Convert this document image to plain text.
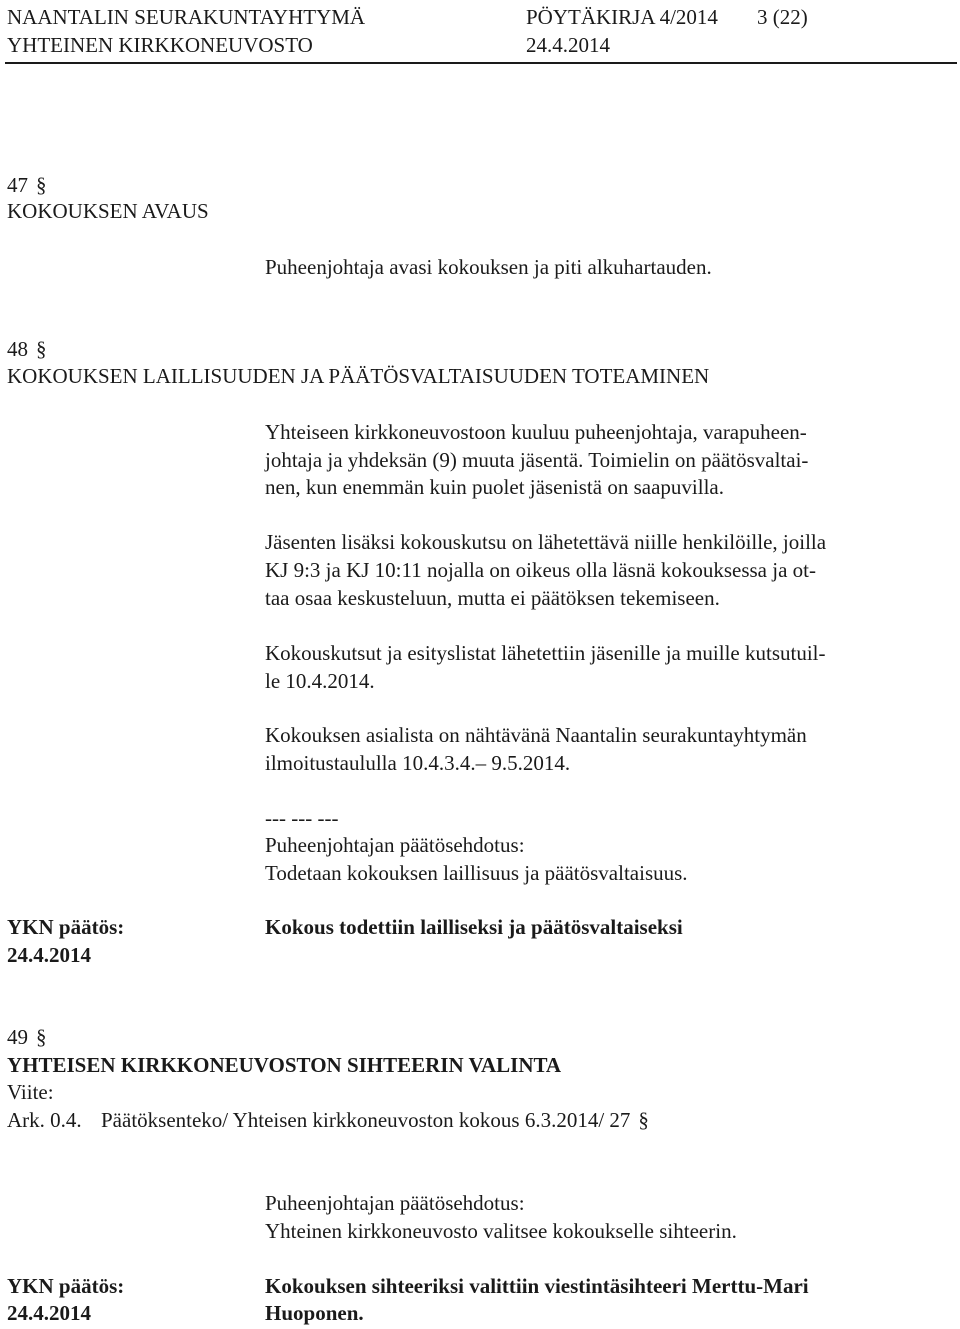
NAANTALIN SEURAKUNTAYHTYMÄ	PÖYTÄKIRJA 4/2014 3 (22)
YHTEINEN KIRKKONEUVOSTO	24.4.2014
47 §
KOKOUKSEN AVAUS
Puheenjohtaja avasi kokouksen ja piti alkuhartauden.
48 §
KOKOUKSEN LAILLISUUDEN JA PÄÄTÖSVALTAISUUDEN TOTEAMINEN
Yhteiseen kirkkoneuvostoon kuuluu puheenjohtaja, varapuheen-
johtaja ja yhdeksän (9) muuta jäsentä. Toimielin on päätösvaltai-
nen, kun enemmän kuin puolet jäsenistä on saapuvilla.
Jäsenten lisäksi kokouskutsu on lähetettävä niille henkilöille, joilla
KJ 9:3 ja KJ 10:11 nojalla on oikeus olla läsnä kokouksessa ja ot-
taa osaa keskusteluun, mutta ei päätöksen tekemiseen.
Kokouskutsut ja esityslistat lähetettiin jäsenille ja muille kutsutuil-
le 10.4.2014.
Kokouksen asialista on nähtävänä Naantalin seurakuntayhtymän
ilmoitustaululla 10.4.3.4.– 9.5.2014.
--- --- ---
Puheenjohtajan päätösehdotus:
Todetaan kokouksen laillisuus ja päätösvaltaisuus.
YKN päätös:
24.4.2014
Kokous todettiin lailliseksi ja päätösvaltaiseksi
49 §
YHTEISEN KIRKKONEUVOSTON SIHTEERIN VALINTA
Viite:
Ark. 0.4. Päätöksenteko/ Yhteisen kirkkoneuvoston kokous 6.3.2014/ 27 §
Puheenjohtajan päätösehdotus:
Yhteinen kirkkoneuvosto valitsee kokoukselle sihteerin.
YKN päätös:
24.4.2014
Kokouksen sihteeriksi valittiin viestintäsihteeri Merttu-Mari
Huoponen.
